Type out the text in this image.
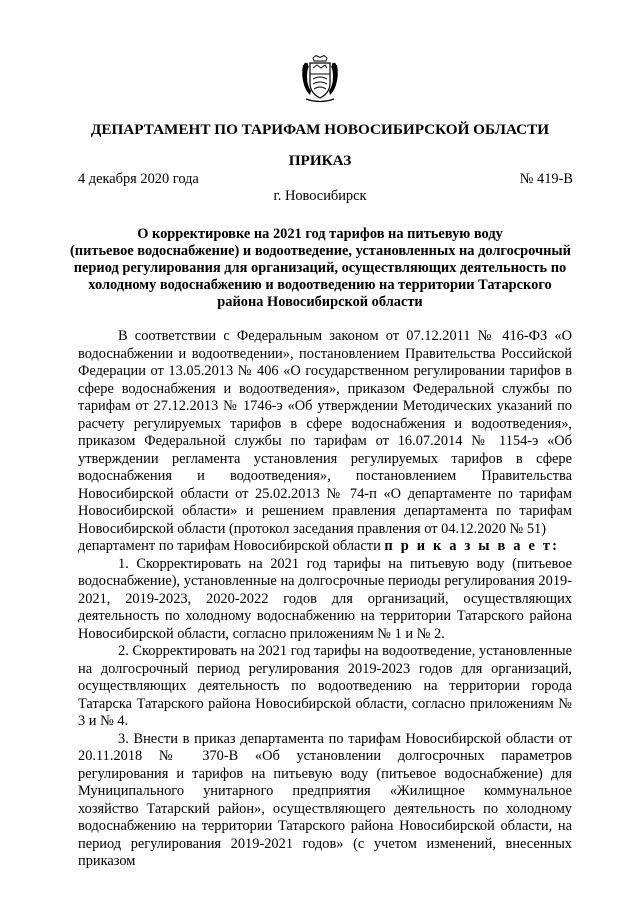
ДЕПАРТАМЕНТ ПО ТАРИФАМ НОВОСИБИРСКОЙ ОБЛАСТИ
ПРИКАЗ
4 декабря 2020 года	№ 419-В
г. Новосибирск
О корректировке на 2021 год тарифов на питьевую воду
(питьевое водоснабжение) и водоотведение, установленных на долгосрочный
период регулирования для организаций, осуществляющих деятельность по
холодному водоснабжению и водоотведению на территории Татарского
района Новосибирской области

В соответствии с Федеральным законом от 07.12.2011 № 416-ФЗ «О водоснабжении и водоотведении», постановлением Правительства Российской Федерации от 13.05.2013 № 406 «О государственном регулировании тарифов в сфере водоснабжения и водоотведения», приказом Федеральной службы по тарифам от 27.12.2013 № 1746-э «Об утверждении Методических указаний по расчету регулируемых тарифов в сфере водоснабжения и водоотведения», приказом Федеральной службы по тарифам от 16.07.2014 № 1154-э «Об утверждении регламента установления регулируемых тарифов в сфере водоснабжения и водоотведения», постановлением Правительства Новосибирской области от 25.02.2013 № 74-п «О департаменте по тарифам Новосибирской области» и решением правления департамента по тарифам Новосибирской области (протокол заседания правления от 04.12.2020 № 51)

департамент по тарифам Новосибирской области п р и к а з ы в а е т:

1. Скорректировать на 2021 год тарифы на питьевую воду (питьевое водоснабжение), установленные на долгосрочные периоды регулирования 2019-2021, 2019-2023, 2020-2022 годов для организаций, осуществляющих деятельность по холодному водоснабжению на территории Татарского района Новосибирской области, согласно приложениям № 1 и № 2.

2. Скорректировать на 2021 год тарифы на водоотведение, установленные на долгосрочный период регулирования 2019-2023 годов для организаций, осуществляющих деятельность по водоотведению на территории города Татарска Татарского района Новосибирской области, согласно приложениям № 3 и № 4.

3. Внести в приказ департамента по тарифам Новосибирской области от 20.11.2018 № 370-В «Об установлении долгосрочных параметров регулирования и тарифов на питьевую воду (питьевое водоснабжение) для Муниципального унитарного предприятия «Жилищное коммунальное хозяйство Татарский район», осуществляющего деятельность по холодному водоснабжению на территории Татарского района Новосибирской области, на период регулирования 2019-2021 годов» (с учетом изменений, внесенных приказом
